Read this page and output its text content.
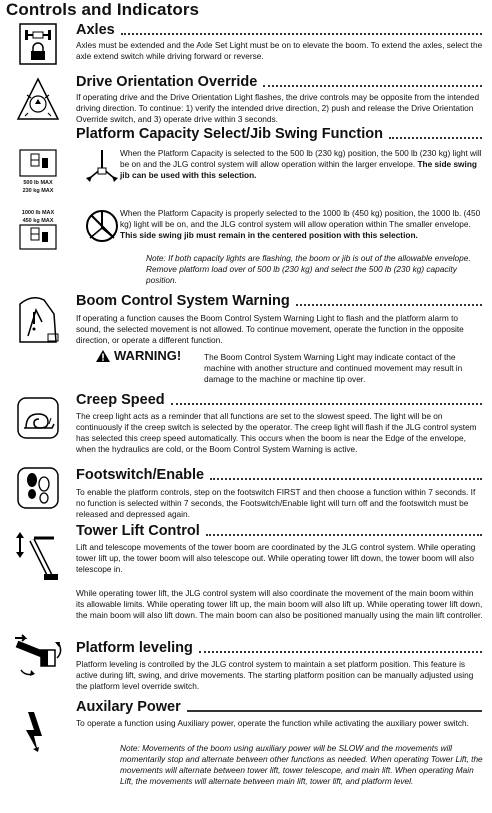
Controls and Indicators
Axles
Axles must be extended and the Axle Set Light must be on to elevate the boom. To extend the axles, select the axle extend switch while driving forward or reverse.
Drive Orientation Override
If operating drive and the Drive Orientation Light flashes, the drive controls may be opposite from the intended driving direction. To continue: 1) verify the intended drive direction, 2) push and release the Drive Orientation Override switch, and 3) operate drive within 3 seconds.
Platform Capacity Select/Jib Swing Function
500 lb MAX
230 kg MAX
When the Platform Capacity is selected to the 500 lb (230 kg) position, the 500 lb (230 kg) light will be on and the JLG control system will allow operation within the larger envelope. The side swing jib can be used with this selection.
1000 lb MAX
450 kg MAX
When the Platform Capacity is properly selected to the 1000 lb (450 kg) position, the 1000 lb. (450 kg) light will be on, and the JLG control system will allow operation within The smaller envelope. This side swing jib must remain in the centered position with this selection.
Note: If both capacity lights are flashing, the boom or jib is out of the allowable envelope. Remove platform load over of 500 lb (230 kg) and select the 500 lb (230 kg) capacity position.
Boom Control System Warning
If operating a function causes the Boom Control System Warning Light to flash and the platform alarm to sound, the selected movement is not allowed. To continue movement, operate the function in the opposite direction, or operate a different function.
WARNING!	The Boom Control System Warning Light may indicate contact of the machine with another structure and continued movement may result in damage to the machine or machine tip over.
Creep Speed
The creep light acts as a reminder that all functions are set to the slowest speed. The light will be on continuously if the creep switch is selected by the operator. The creep light will flash if the JLG control system has selected this creep speed automatically. This occurs when the boom is near the Edge of the envelope, when the hydraulics are cold, or the Boom Control System Warning is active.
Footswitch/Enable
To enable the platform controls, step on the footswitch FIRST and then choose a function within 7 seconds. If no function is selected within 7 seconds, the Footswitch/Enable light will turn off and the footswitch must be released and depressed again.
Tower Lift Control
Lift and telescope movements of the tower boom are coordinated by the JLG control system. While operating tower lift up, the tower boom will also telescope out. While operating tower lift down, the tower boom will also telescope in.
While operating tower lift, the JLG control system will also coordinate the movement of the main boom within its allowable limits. While operating tower lift up, the main boom will also lift up. While operating tower lift down, the main boom will also lift down. The main boom can also be positioned manually using the main lift controller.
Platform leveling
Platform leveling is controlled by the JLG control system to maintain a set platform position. This feature is active during lift, swing, and drive movements. The starting platform position can be manually adjusted using the platform level override switch.
Auxilary Power
To operate a function using Auxiliary power, operate the function while activating the auxiliary power switch.
Note: Movements of the boom using auxiliary power will be SLOW and the movements will momentarily stop and alternate between other functions as needed. When operating Tower Lift, the movements will alternate between tower lift, tower telescope, and main lift. When operating Main Lift, the movements will alternate between main lift, tower lift, and platform level.
